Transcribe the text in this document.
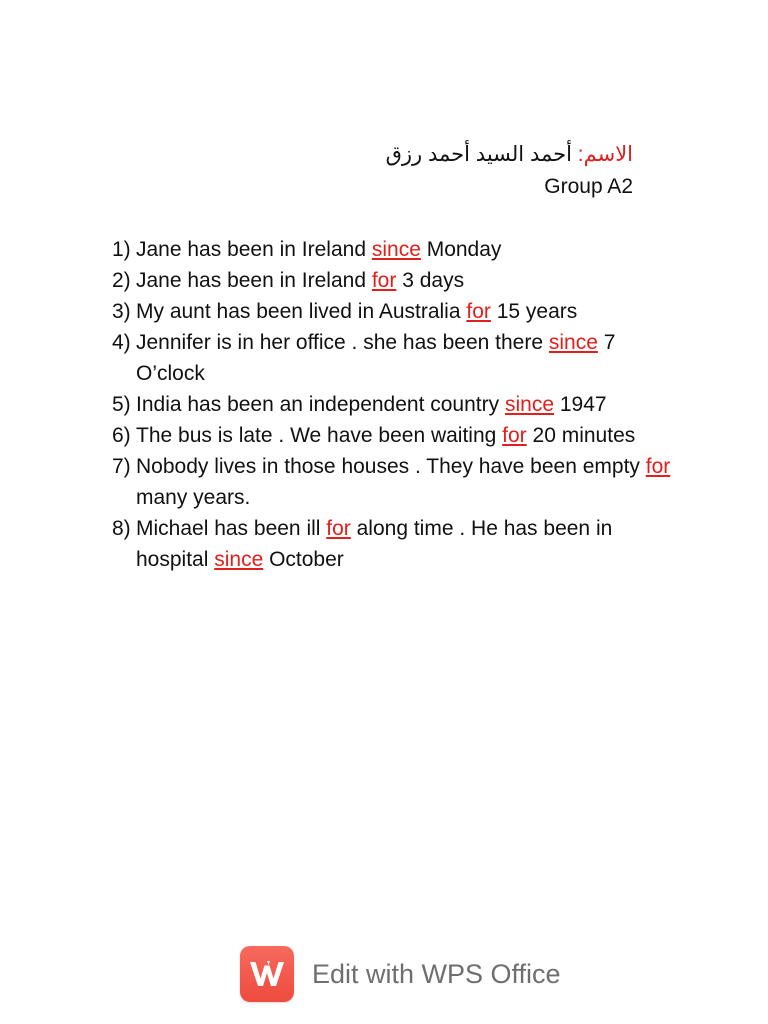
الاسم: أحمد السيد أحمد رزق
Group A2
1) Jane has been in Ireland since Monday
2) Jane has been in Ireland for 3 days
3) My aunt has been lived in Australia for 15 years
4) Jennifer is in her office . she has been there since 7 O’clock
5) India has been an independent country since 1947
6) The bus is late . We have been waiting for 20 minutes
7) Nobody lives in those houses . They have been empty for many years.
8) Michael has been ill for along time . He has been in hospital since October
Edit with WPS Office
